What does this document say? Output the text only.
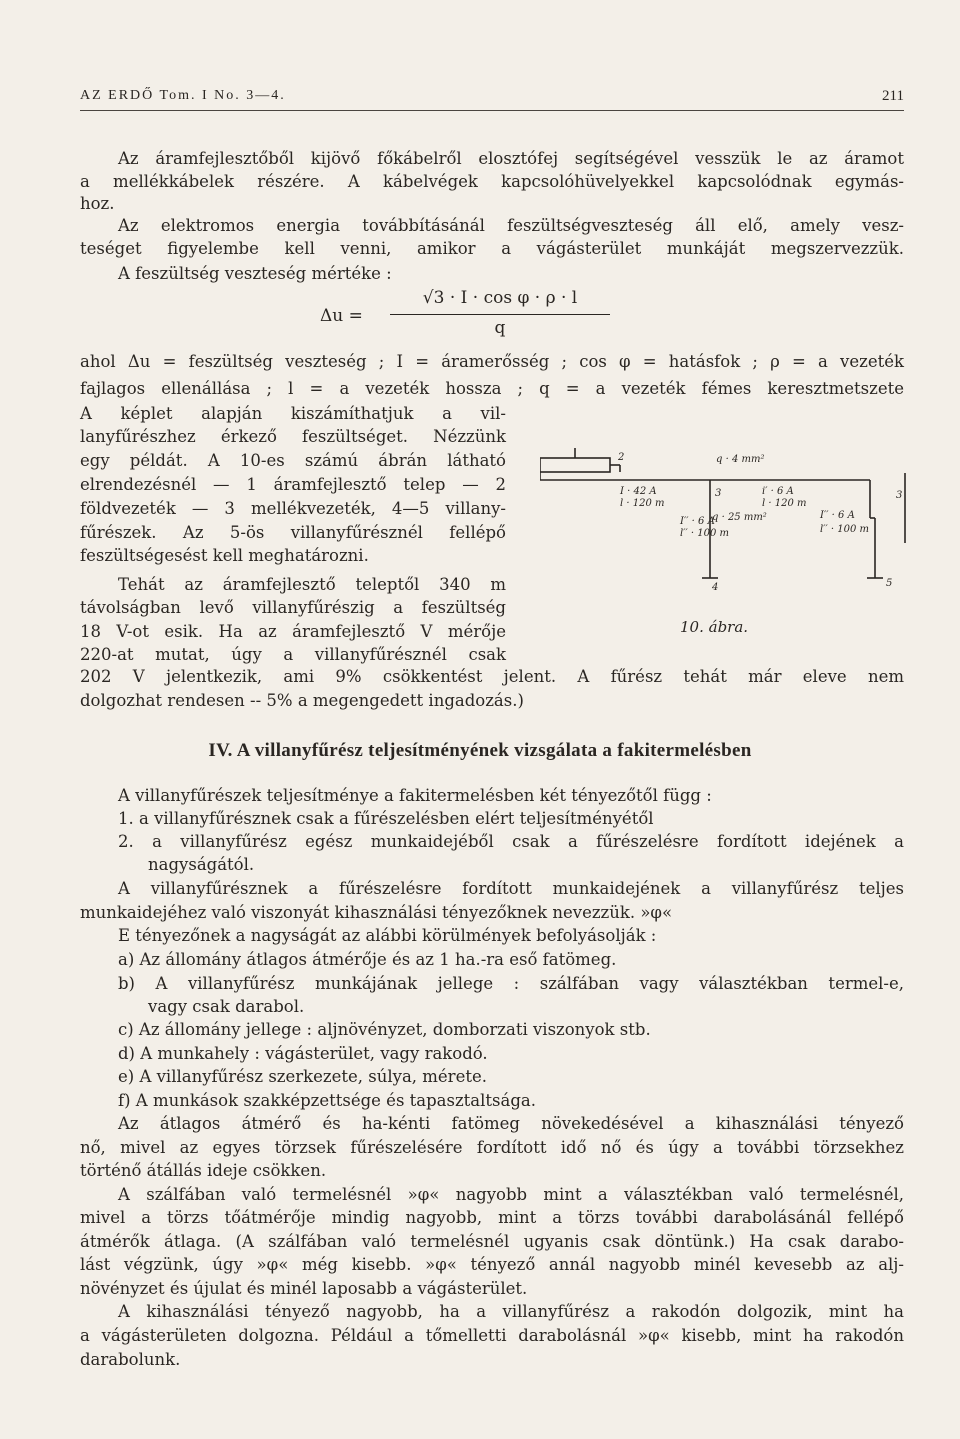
AZ ERDŐ Tom. I No. 3—4.	211
Az áramfejlesztőből kijövő főkábelről elosztófej segítségével vesszük le az áramot
a mellékkábelek részére. A kábelvégek kapcsolóhüvelyekkel kapcsolódnak egymás-
hoz.
Az elektromos energia továbbításánál feszültségveszteség áll elő, amely vesz-
teséget figyelembe kell venni, amikor a vágásterület munkáját megszervezzük.
A feszültség veszteség mértéke :
Δu =
√3 · I · cos φ · ρ · l
q
ahol Δu = feszültség veszteség ; I = áramerősség ; cos φ = hatásfok ; ρ = a vezeték
fajlagos ellenállása ; l = a vezeték hossza ; q = a vezeték fémes keresztmetszete
A képlet alapján kiszámíthatjuk a vil-
lanyfűrészhez érkező feszültséget. Nézzünk
egy példát. A 10-es számú ábrán látható
elrendezésnél — 1 áramfejlesztő telep — 2
földvezeték — 3 mellékvezeték, 4—5 villany-
fűrészek. Az 5-ös villanyfűrésznél fellépő
feszültségesést kell meghatározni.
Tehát az áramfejlesztő teleptől 340 m
távolságban levő villanyfűrészig a feszültség
18 V-ot esik. Ha az áramfejlesztő V mérője
220-at mutat, úgy a villanyfűrésznél csak
202 V jelentkezik, ami 9% csökkentést jelent. A fűrész tehát már eleve nem
dolgozhat rendesen -- 5% a megengedett ingadozás.)
2
I · 42 A
l · 120 m
3
q · 4 mm²
i′ · 6 A
l · 120 m
I′′ · 6 A
l′′ · 100 m
q · 25 mm²	I′′ · 6 A
l′′ · 100 m
3
4	5
10. ábra.
IV. A villanyfűrész teljesítményének vizsgálata a fakitermelésben
A villanyfűrészek teljesítménye a fakitermelésben két tényezőtől függ :
1. a villanyfűrésznek csak a fűrészelésben elért teljesítményétől
2. a villanyfűrész egész munkaidejéből csak a fűrészelésre fordított idejének a
nagyságától.
A villanyfűrésznek a fűrészelésre fordított munkaidejének a villanyfűrész teljes
munkaidejéhez való viszonyát kihasználási tényezőknek nevezzük. »φ«
E tényezőnek a nagyságát az alábbi körülmények befolyásolják :
a) Az állomány átlagos átmérője és az 1 ha.-ra eső fatömeg.
b) A villanyfűrész munkájának jellege : szálfában vagy választékban termel-e,
vagy csak darabol.
c) Az állomány jellege : aljnövényzet, domborzati viszonyok stb.
d) A munkahely : vágásterület, vagy rakodó.
e) A villanyfűrész szerkezete, súlya, mérete.
f) A munkások szakképzettsége és tapasztaltsága.
Az átlagos átmérő és ha-kénti fatömeg növekedésével a kihasználási tényező
nő, mivel az egyes törzsek fűrészelésére fordított idő nő és úgy a további törzsekhez
történő átállás ideje csökken.
A szálfában való termelésnél »φ« nagyobb mint a választékban való termelésnél,
mivel a törzs tőátmérője mindig nagyobb, mint a törzs további darabolásánál fellépő
átmérők átlaga. (A szálfában való termelésnél ugyanis csak döntünk.) Ha csak darabo-
lást végzünk, úgy »φ« még kisebb. »φ« tényező annál nagyobb minél kevesebb az alj-
növényzet és újulat és minél laposabb a vágásterület.
A kihasználási tényező nagyobb, ha a villanyfűrész a rakodón dolgozik, mint ha
a vágásterületen dolgozna. Például a tőmelletti darabolásnál »φ« kisebb, mint ha rakodón
darabolunk.
